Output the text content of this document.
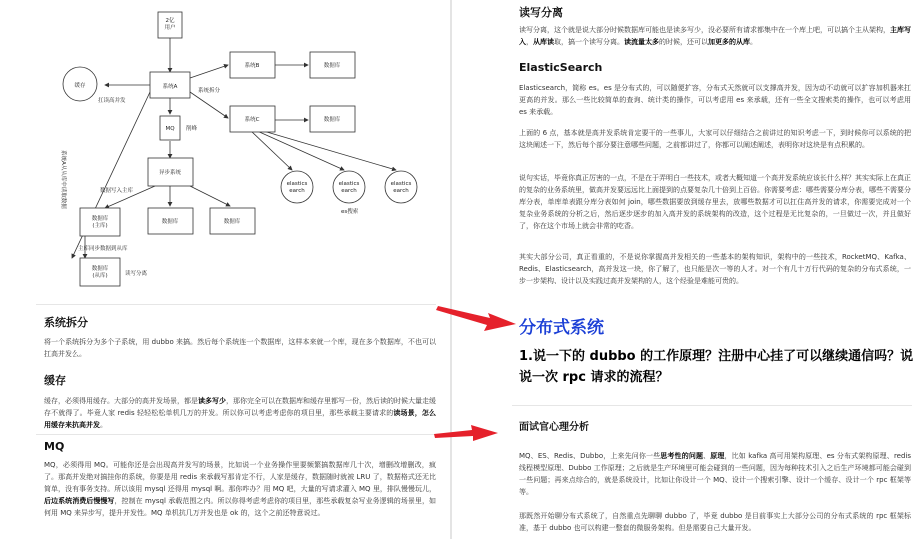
2亿用户
系统A
缓存
扛读高并发
系统拆分
系统B	数据库
系统C	数据库
MQ 削峰
异步系统
数据写入主库
数据库(主库)
数据库	数据库
elastics earch
elastics earch
elastics earch
es搜索
主库同步数据到从库
数据库(从库)	读写分离
系统A从从库中读取数据
系统拆分

将一个系统拆分为多个子系统，用 dubbo 来搞。然后每个系统连一个数据库，这样本来就一个库，现在多个数据库，不也可以扛高并发么。

缓存

缓存，必须得用缓存。大部分的高并发场景，都是读多写少，那你完全可以在数据库和缓存里都写一份，然后读的时候大量走缓存不就得了。毕竟人家 redis 轻轻松松单机几万的并发。所以你可以考虑考虑你的项目里，那些承载主要请求的读场景，怎么用缓存来抗高并发。

MQ

MQ，必须得用 MQ。可能你还是会出现高并发写的场景，比如说一个业务操作里要频繁搞数据库几十次，增删改增删改，疯了。那高并发绝对搞挂你的系统，你要是用 redis 来承载写那肯定不行，人家是缓存，数据随时就被 LRU 了，数据格式还无比简单，没有事务支持。所以该用 mysql 还得用 mysql 啊。那你咋办？用 MQ 吧，大量的写请求灌入 MQ 里，排队慢慢玩儿，后边系统消费后慢慢写，控制在 mysql 承载范围之内。所以你得考虑考虑你的项目里，那些承载复杂写业务逻辑的场景里，如何用 MQ 来异步写，提升并发性。MQ 单机抗几万并发也是 ok 的，这个之前还特意说过。

读写分离

读写分离，这个就是说大部分时候数据库可能也是读多写少，没必要所有请求都集中在一个库上吧，可以搞个主从架构，主库写入，从库读取，搞一个读写分离。读流量太多的时候，还可以加更多的从库。

ElasticSearch

Elasticsearch，简称 es。es 是分布式的，可以随便扩容，分布式天然就可以支撑高并发，因为动不动就可以扩容加机器来扛更高的并发。那么一些比较简单的查询、统计类的操作，可以考虑用 es 来承载，还有一些全文搜索类的操作，也可以考虑用 es 来承载。

上面的 6 点，基本就是高并发系统肯定要干的一些事儿，大家可以仔细结合之前讲过的知识考虑一下，到时候你可以系统的把这块阐述一下，然后每个部分要注意哪些问题，之前都讲过了，你都可以阐述阐述，表明你对这块是有点积累的。

说句实话，毕竟你真正厉害的一点，不是在于弄明白一些技术，或者大概知道一个高并发系统应该长什么样？其实实际上在真正的复杂的业务系统里，做高并发要远远比上面提到的点要复杂几十倍到上百倍。你需要考虑：哪些需要分库分表，哪些不需要分库分表，单库单表跟分库分表如何 join，哪些数据要放到缓存里去，放哪些数据才可以扛住高并发的请求，你需要完成对一个复杂业务系统的分析之后，然后逐步逐步的加入高并发的系统架构的改造，这个过程是无比复杂的，一旦做过一次，并且做好了，你在这个市场上就会非常的吃香。

其实大部分公司，真正看重的，不是说你掌握高并发相关的一些基本的架构知识，架构中的一些技术，RocketMQ、Kafka、Redis、Elasticsearch，高并发这一块，你了解了，也只能是次一等的人才。对一个有几十万行代码的复杂的分布式系统，一步一步架构、设计以及实践过高并发架构的人，这个经验是难能可贵的。

分布式系统
1.说一下的 dubbo 的工作原理？注册中心挂了可以继续通信吗？说说一次 rpc 请求的流程？
面试官心理分析

MQ、ES、Redis、Dubbo，上来先问你一些思考性的问题、原理，比如 kafka 高可用架构原理、es 分布式架构原理、redis 线程模型原理、Dubbo 工作原理；之后就是生产环境里可能会碰到的一些问题，因为每种技术引入之后生产环境都可能会碰到一些问题；再来点综合的，就是系统设计，比如让你设计一个 MQ、设计一个搜索引擎、设计一个缓存、设计一个 rpc 框架等等。

那既然开始聊分布式系统了，自然重点先聊聊 dubbo 了，毕竟 dubbo 是目前事实上大部分公司的分布式系统的 rpc 框架标准，基于 dubbo 也可以构建一整套的微服务架构。但是需要自己大量开发。
